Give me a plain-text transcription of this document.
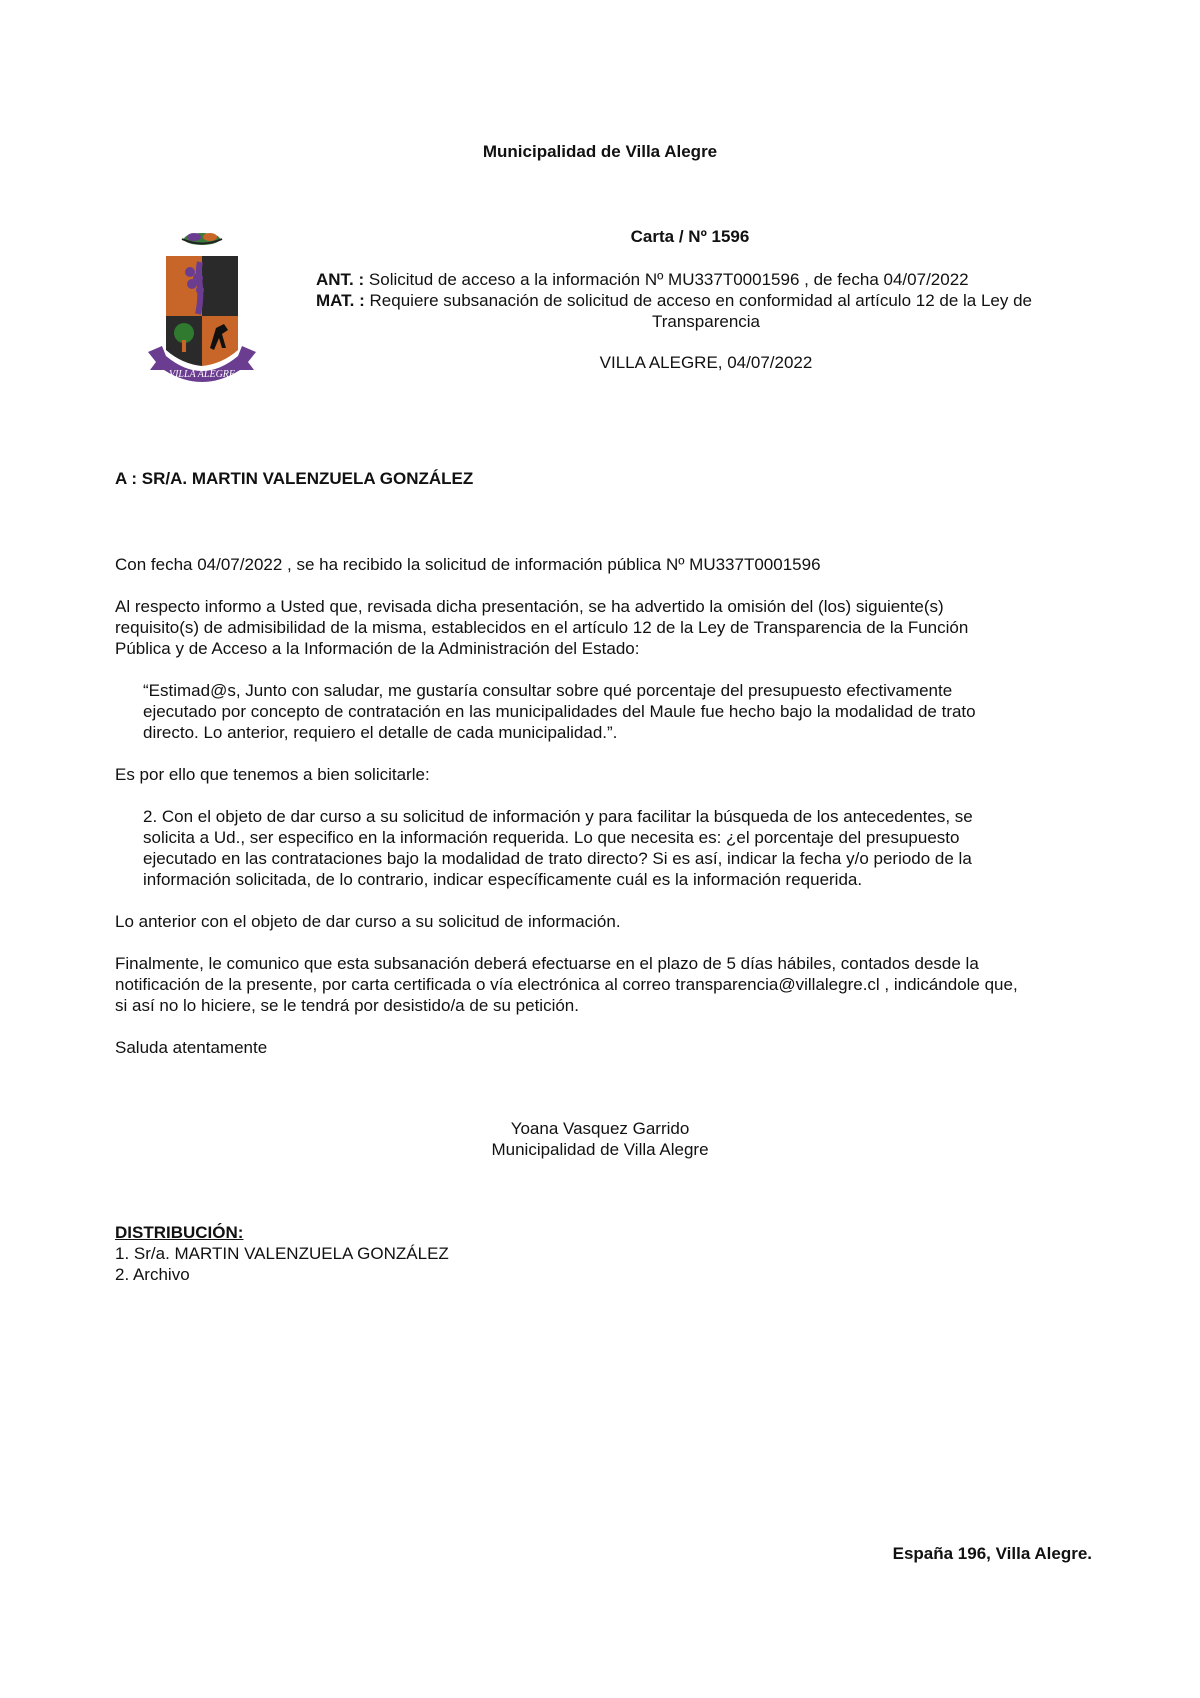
Municipalidad de Villa Alegre
VILLA ALEGRE
Carta / Nº 1596
ANT. : Solicitud de acceso a la información Nº MU337T0001596 , de fecha 04/07/2022
MAT. : Requiere subsanación de solicitud de acceso en conformidad al artículo 12 de la Ley de
Transparencia
VILLA ALEGRE, 04/07/2022
A : SR/A. MARTIN VALENZUELA GONZÁLEZ
Con fecha 04/07/2022 , se ha recibido la solicitud de información pública Nº MU337T0001596
Al respecto informo a Usted que, revisada dicha presentación, se ha advertido la omisión del (los) siguiente(s)
requisito(s) de admisibilidad de la misma, establecidos en el artículo 12 de la Ley de Transparencia de la Función
Pública y de Acceso a la Información de la Administración del Estado:
“Estimad@s, Junto con saludar, me gustaría consultar sobre qué porcentaje del presupuesto efectivamente
ejecutado por concepto de contratación en las municipalidades del Maule fue hecho bajo la modalidad de trato
directo. Lo anterior, requiero el detalle de cada municipalidad.”.
Es por ello que tenemos a bien solicitarle:
2. Con el objeto de dar curso a su solicitud de información y para facilitar la búsqueda de los antecedentes, se
solicita a Ud., ser especifico en la información requerida. Lo que necesita es: ¿el porcentaje del presupuesto
ejecutado en las contrataciones bajo la modalidad de trato directo? Si es así, indicar la fecha y/o periodo de la
información solicitada, de lo contrario, indicar específicamente cuál es la información requerida.
Lo anterior con el objeto de dar curso a su solicitud de información.
Finalmente, le comunico que esta subsanación deberá efectuarse en el plazo de 5 días hábiles, contados desde la
notificación de la presente, por carta certificada o vía electrónica al correo transparencia@villalegre.cl , indicándole que,
si así no lo hiciere, se le tendrá por desistido/a de su petición.
Saluda atentamente
Yoana Vasquez Garrido
Municipalidad de Villa Alegre
DISTRIBUCIÓN:
1. Sr/a. MARTIN VALENZUELA GONZÁLEZ
2. Archivo
España 196, Villa Alegre.
